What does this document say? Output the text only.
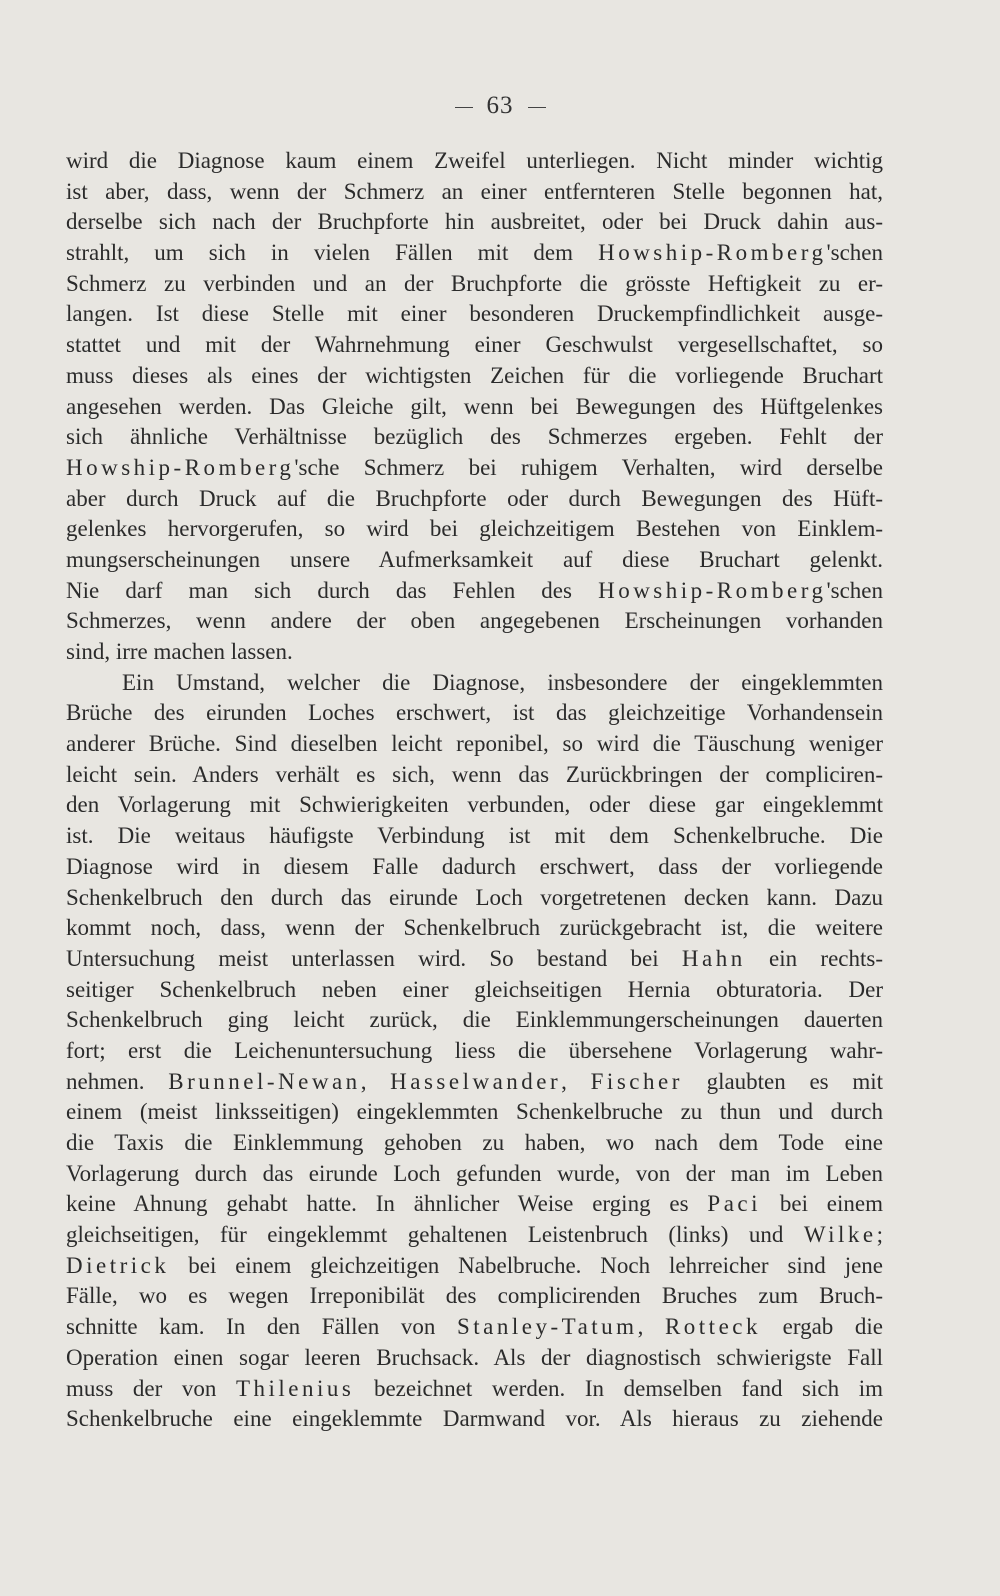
63
wird die Diagnose kaum einem Zweifel unterliegen. Nicht minder wichtig
ist aber, dass, wenn der Schmerz an einer entfernteren Stelle begonnen hat,
derselbe sich nach der Bruchpforte hin ausbreitet, oder bei Druck dahin aus-
strahlt, um sich in vielen Fällen mit dem Howship-Romberg'schen
Schmerz zu verbinden und an der Bruchpforte die grösste Heftigkeit zu er-
langen. Ist diese Stelle mit einer besonderen Druckempfindlichkeit ausge-
stattet und mit der Wahrnehmung einer Geschwulst vergesellschaftet, so
muss dieses als eines der wichtigsten Zeichen für die vorliegende Bruchart
angesehen werden. Das Gleiche gilt, wenn bei Bewegungen des Hüftgelenkes
sich ähnliche Verhältnisse bezüglich des Schmerzes ergeben. Fehlt der
Howship-Romberg'sche Schmerz bei ruhigem Verhalten, wird derselbe
aber durch Druck auf die Bruchpforte oder durch Bewegungen des Hüft-
gelenkes hervorgerufen, so wird bei gleichzeitigem Bestehen von Einklem-
mungserscheinungen unsere Aufmerksamkeit auf diese Bruchart gelenkt.
Nie darf man sich durch das Fehlen des Howship-Romberg'schen
Schmerzes, wenn andere der oben angegebenen Erscheinungen vorhanden
sind, irre machen lassen.
Ein Umstand, welcher die Diagnose, insbesondere der eingeklemmten
Brüche des eirunden Loches erschwert, ist das gleichzeitige Vorhandensein
anderer Brüche. Sind dieselben leicht reponibel, so wird die Täuschung weniger
leicht sein. Anders verhält es sich, wenn das Zurückbringen der compliciren-
den Vorlagerung mit Schwierigkeiten verbunden, oder diese gar eingeklemmt
ist. Die weitaus häufigste Verbindung ist mit dem Schenkelbruche. Die
Diagnose wird in diesem Falle dadurch erschwert, dass der vorliegende
Schenkelbruch den durch das eirunde Loch vorgetretenen decken kann. Dazu
kommt noch, dass, wenn der Schenkelbruch zurückgebracht ist, die weitere
Untersuchung meist unterlassen wird. So bestand bei Hahn ein rechts-
seitiger Schenkelbruch neben einer gleichseitigen Hernia obturatoria. Der
Schenkelbruch ging leicht zurück, die Einklemmungerscheinungen dauerten
fort; erst die Leichenuntersuchung liess die übersehene Vorlagerung wahr-
nehmen. Brunnel-Newan, Hasselwander, Fischer glaubten es mit
einem (meist linksseitigen) eingeklemmten Schenkelbruche zu thun und durch
die Taxis die Einklemmung gehoben zu haben, wo nach dem Tode eine
Vorlagerung durch das eirunde Loch gefunden wurde, von der man im Leben
keine Ahnung gehabt hatte. In ähnlicher Weise erging es Paci bei einem
gleichseitigen, für eingeklemmt gehaltenen Leistenbruch (links) und Wilke;
Dietrick bei einem gleichzeitigen Nabelbruche. Noch lehrreicher sind jene
Fälle, wo es wegen Irreponibilät des complicirenden Bruches zum Bruch-
schnitte kam. In den Fällen von Stanley-Tatum, Rotteck ergab die
Operation einen sogar leeren Bruchsack. Als der diagnostisch schwierigste Fall
muss der von Thilenius bezeichnet werden. In demselben fand sich im
Schenkelbruche eine eingeklemmte Darmwand vor. Als hieraus zu ziehende
